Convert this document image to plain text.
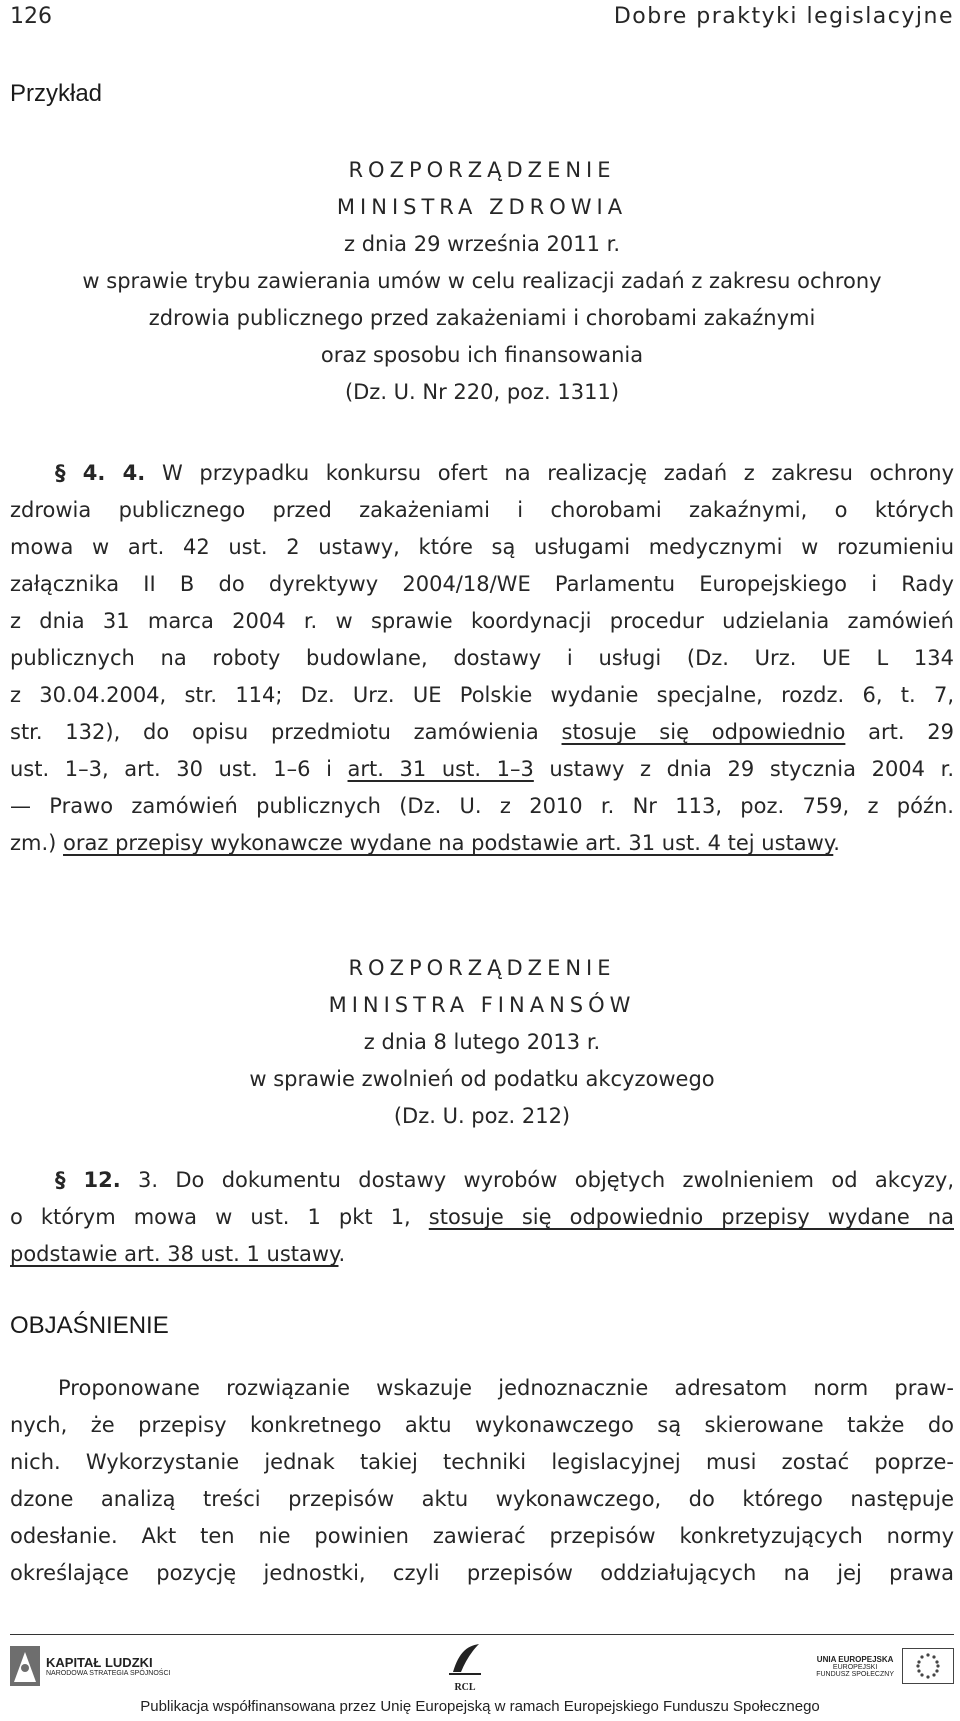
126	Dobre praktyki legislacyjne
Przykład
ROZPORZĄDZENIE
MINISTRA ZDROWIA
z dnia 29 września 2011 r.
w sprawie trybu zawierania umów w celu realizacji zadań z zakresu ochrony
zdrowia publicznego przed zakażeniami i chorobami zakaźnymi
oraz sposobu ich finansowania
(Dz. U. Nr 220, poz. 1311)
§ 4. 4. W przypadku konkursu ofert na realizację zadań z zakresu ochrony
zdrowia publicznego przed zakażeniami i chorobami zakaźnymi, o których
mowa w art. 42 ust. 2 ustawy, które są usługami medycznymi w rozumieniu
załącznika II B do dyrektywy 2004/18/WE Parlamentu Europejskiego i Rady
z dnia 31 marca 2004 r. w sprawie koordynacji procedur udzielania zamówień
publicznych na roboty budowlane, dostawy i usługi (Dz. Urz. UE L 134
z 30.04.2004, str. 114; Dz. Urz. UE Polskie wydanie specjalne, rozdz. 6, t. 7,
str. 132), do opisu przedmiotu zamówienia stosuje się odpowiednio art. 29
ust. 1–3, art. 30 ust. 1–6 i art. 31 ust. 1–3 ustawy z dnia 29 stycznia 2004 r.
— Prawo zamówień publicznych (Dz. U. z 2010 r. Nr 113, poz. 759, z późn.
zm.) oraz przepisy wykonawcze wydane na podstawie art. 31 ust. 4 tej ustawy.
ROZPORZĄDZENIE
MINISTRA FINANSÓW
z dnia 8 lutego 2013 r.
w sprawie zwolnień od podatku akcyzowego
(Dz. U. poz. 212)
§ 12. 3. Do dokumentu dostawy wyrobów objętych zwolnieniem od akcyzy,
o którym mowa w ust. 1 pkt 1, stosuje się odpowiednio przepisy wydane na
podstawie art. 38 ust. 1 ustawy.
OBJAŚNIENIE
Proponowane rozwiązanie wskazuje jednoznacznie adresatom norm praw-
nych, że przepisy konkretnego aktu wykonawczego są skierowane także do
nich. Wykorzystanie jednak takiej techniki legislacyjnej musi zostać poprze-
dzone analizą treści przepisów aktu wykonawczego, do którego następuje
odesłanie. Akt ten nie powinien zawierać przepisów konkretyzujących normy
określające pozycję jednostki, czyli przepisów oddziałujących na jej prawa
KAPITAŁ LUDZKI
NARODOWA STRATEGIA SPÓJNOŚCI
RCL
UNIA EUROPEJSKA
EUROPEJSKI
FUNDUSZ SPOŁECZNY
Publikacja współfinansowana przez Unię Europejską w ramach Europejskiego Funduszu Społecznego
